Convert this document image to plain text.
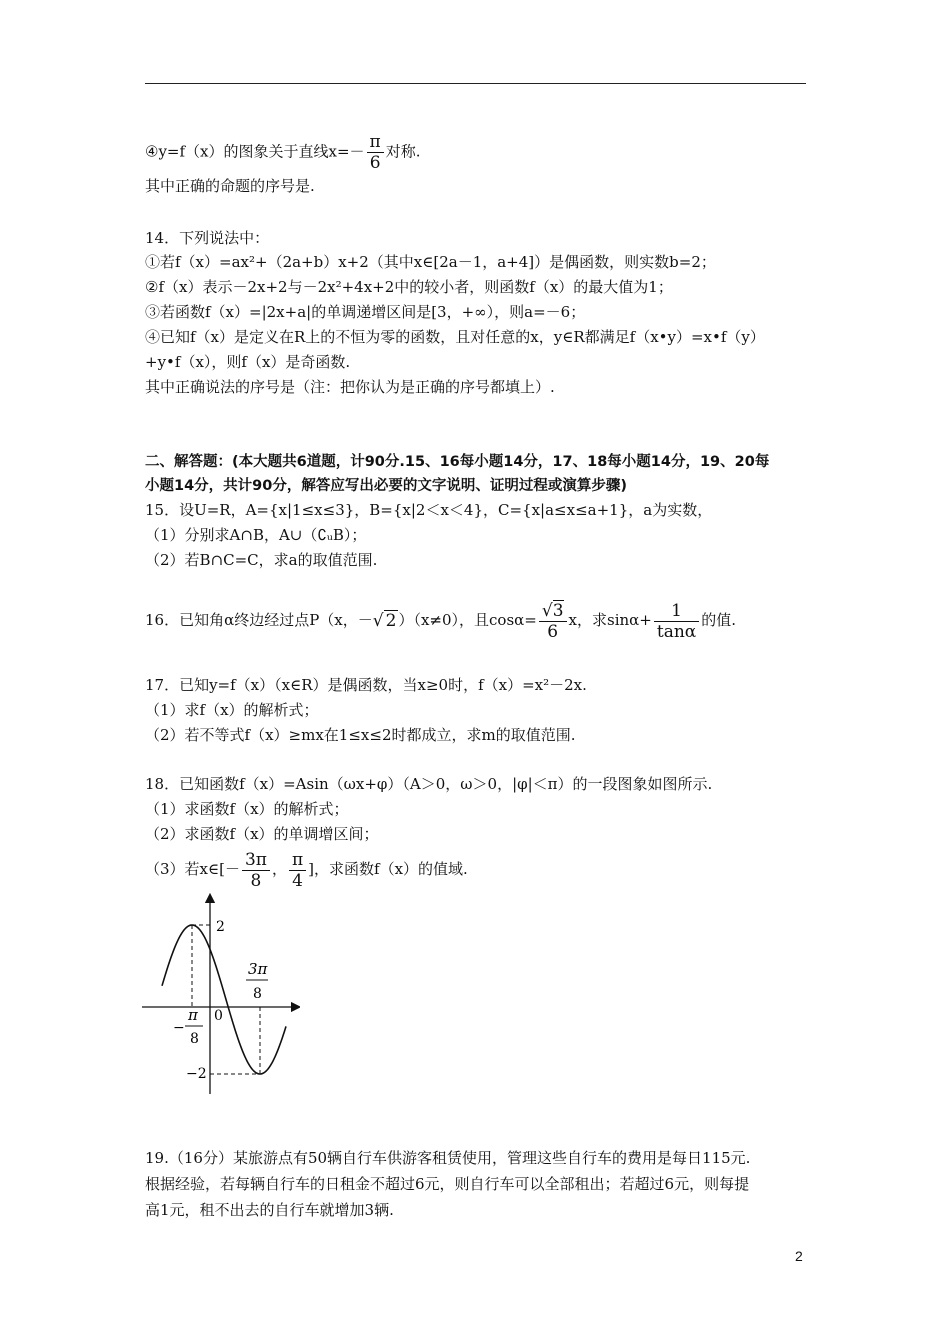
④y=f（x）的图象关于直线$x=- \frac{\pi}{6}$ 对称.
其中正确的命题的序号是.
14．下列说法中：
①若f（x）=ax²+（2a+b）x+2（其中x∈[2a－1，a+4]）是偶函数，则实数b=2；
②f（x）表示－2x+2与－2x²+4x+2中的较小者，则函数f（x）的最大值为1；
③若函数f（x）=|2x+a|的单调递增区间是[3，+∞），则a=－6；
④已知f（x）是定义在R上的不恒为零的函数，且对任意的x，y∈R都满足f（x•y）=x•f（y）
+y•f（x），则f（x）是奇函数.
其中正确说法的序号是（注：把你认为是正确的序号都填上）.
二、解答题：(本大题共6道题，计90分.15、16每小题14分，17、18每小题14分，19、20每
小题14分，共计90分，解答应写出必要的文字说明、证明过程或演算步骤)
15．设U=R，A={x|1≤x≤3}，B={x|2＜x＜4}，C={x|a≤x≤a+1}，a为实数，
（1）分别求A∩B，A∪（∁ᵤB）；
（2）若B∩C=C，求a的取值范围.
16．已知角α终边经过点P（x，－√ 2 ）（x≠0），且$\cos\alpha= \frac{√3}{6}$ x，求$\sin\alpha+ \frac{1}{\tan\alpha}$ 的值.
17．已知y=f（x）（x∈R）是偶函数，当x≥0时，f（x）=x²－2x.
（1）求f（x）的解析式；
（2）若不等式f（x）≥mx在1≤x≤2时都成立，求m的取值范围.
18．已知函数f（x）=Asin（ωx+φ）（A＞0，ω＞0，|φ|＜π）的一段图象如图所示.
（1）求函数f（x）的解析式；
（2）求函数f（x）的单调增区间；
（3）若x∈[－ $\frac{3\pi}{8}$ ， $\frac{\pi}{4}$ ]，求函数f（x）的值域.
2
−2
0
3π
8
−
π
8
19.（16分）某旅游点有50辆自行车供游客租赁使用，管理这些自行车的费用是每日115元.
根据经验，若每辆自行车的日租金不超过6元，则自行车可以全部租出；若超过6元，则每提
高1元，租不出去的自行车就增加3辆.
2
